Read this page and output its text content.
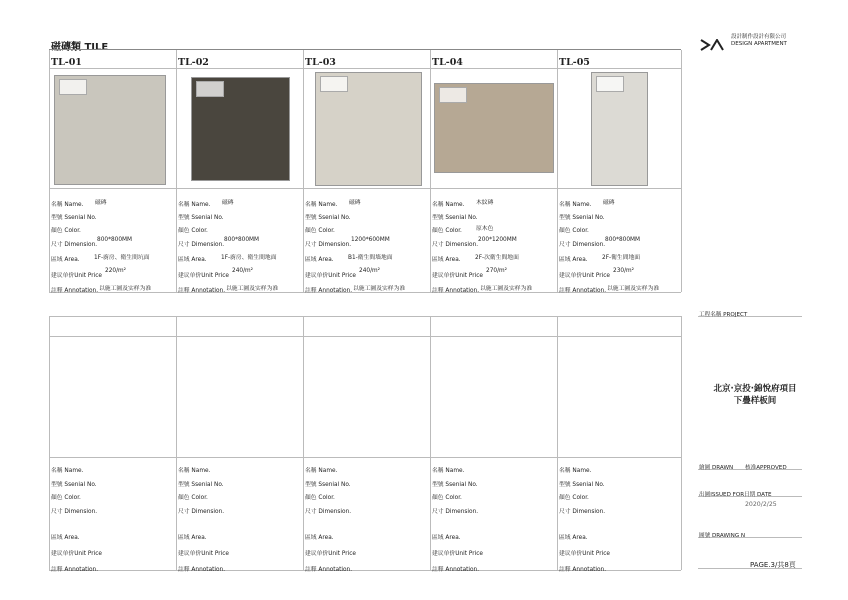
磁磚類 TILE
設計制作設計有限公司
DESIGN APARTMENT
TL-01
名稱 Name. 磁磚
型號 Ssenial No.
顏色 Color.
尺寸 Dimension.
800*800MM
區域 Area. 1F-廚房、衛生間坑面
建议单价Unit Price
220/m²
註釋 Annotation. 以施工圖及实样为准
TL-02
名稱 Name. 磁磚
型號 Ssenial No.
顏色 Color.
尺寸 Dimension.
800*800MM
區域 Area. 1F-廚房、衛生間地面
建议单价Unit Price
240/m²
註釋 Annotation. 以施工圖及实样为准
TL-03
名稱 Name. 磁磚
型號 Ssenial No.
顏色 Color.
尺寸 Dimension.
1200*600MM
區域 Area. B1-衛生間墙地面
建议单价Unit Price
240/m²
註釋 Annotation. 以施工圖及实样为准
TL-04
名稱 Name. 木紋磚
型號 Ssenial No.
顏色 Color. 原木色
尺寸 Dimension.
200*1200MM
區域 Area. 2F-次衛生間地面
建议单价Unit Price
270/m²
註釋 Annotation. 以施工圖及实样为准
TL-05
名稱 Name. 磁磚
型號 Ssenial No.
顏色 Color.
尺寸 Dimension.
800*800MM
區域 Area. 2F-衛生間地面
建议单价Unit Price
230/m²
註釋 Annotation. 以施工圖及实样为准
名稱 Name.
型號 Ssenial No.
顏色 Color.
尺寸 Dimension.
區域 Area.
建议单价Unit Price
註釋 Annotation.
名稱 Name.
型號 Ssenial No.
顏色 Color.
尺寸 Dimension.
區域 Area.
建议单价Unit Price
註釋 Annotation.
名稱 Name.
型號 Ssenial No.
顏色 Color.
尺寸 Dimension.
區域 Area.
建议单价Unit Price
註釋 Annotation.
名稱 Name.
型號 Ssenial No.
顏色 Color.
尺寸 Dimension.
區域 Area.
建议单价Unit Price
註釋 Annotation.
名稱 Name.
型號 Ssenial No.
顏色 Color.
尺寸 Dimension.
區域 Area.
建议单价Unit Price
註釋 Annotation.
工程名稱 PROJECT
北京·京投·錦悅府項目
下疊样板间
繪圖 DRAWN 核准APPROVED
出圖ISSUED FOR 日期 DATE
2020/2/25
圖號 DRAWING N
PAGE.3/共8頁
